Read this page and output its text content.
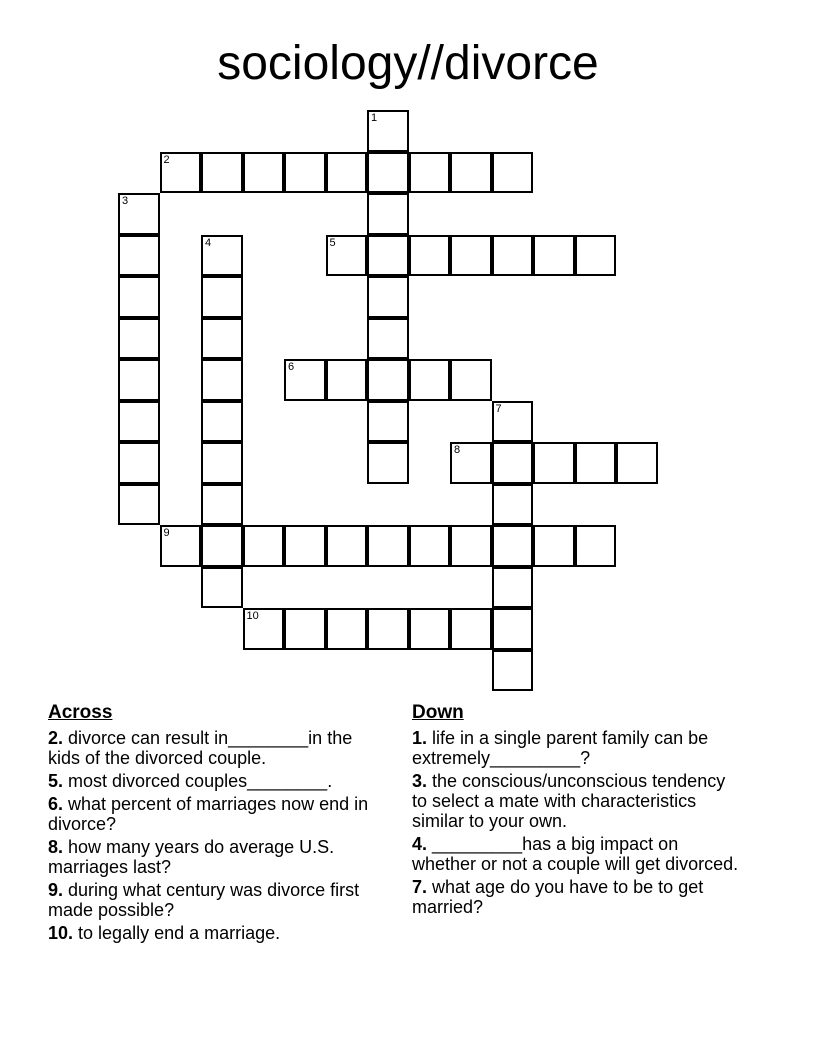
sociology//divorce
1
2
3
4	5
6
7
8
9
10
Across
2. divorce can result in________in the kids of the divorced couple.
5. most divorced couples________.
6. what percent of marriages now end in divorce?
8. how many years do average U.S. marriages last?
9. during what century was divorce first made possible?
10. to legally end a marriage.
Down
1. life in a single parent family can be extremely_________?
3. the conscious/unconscious tendency to select a mate with characteristics similar to your own.
4. _________has a big impact on whether or not a couple will get divorced.
7. what age do you have to be to get married?
